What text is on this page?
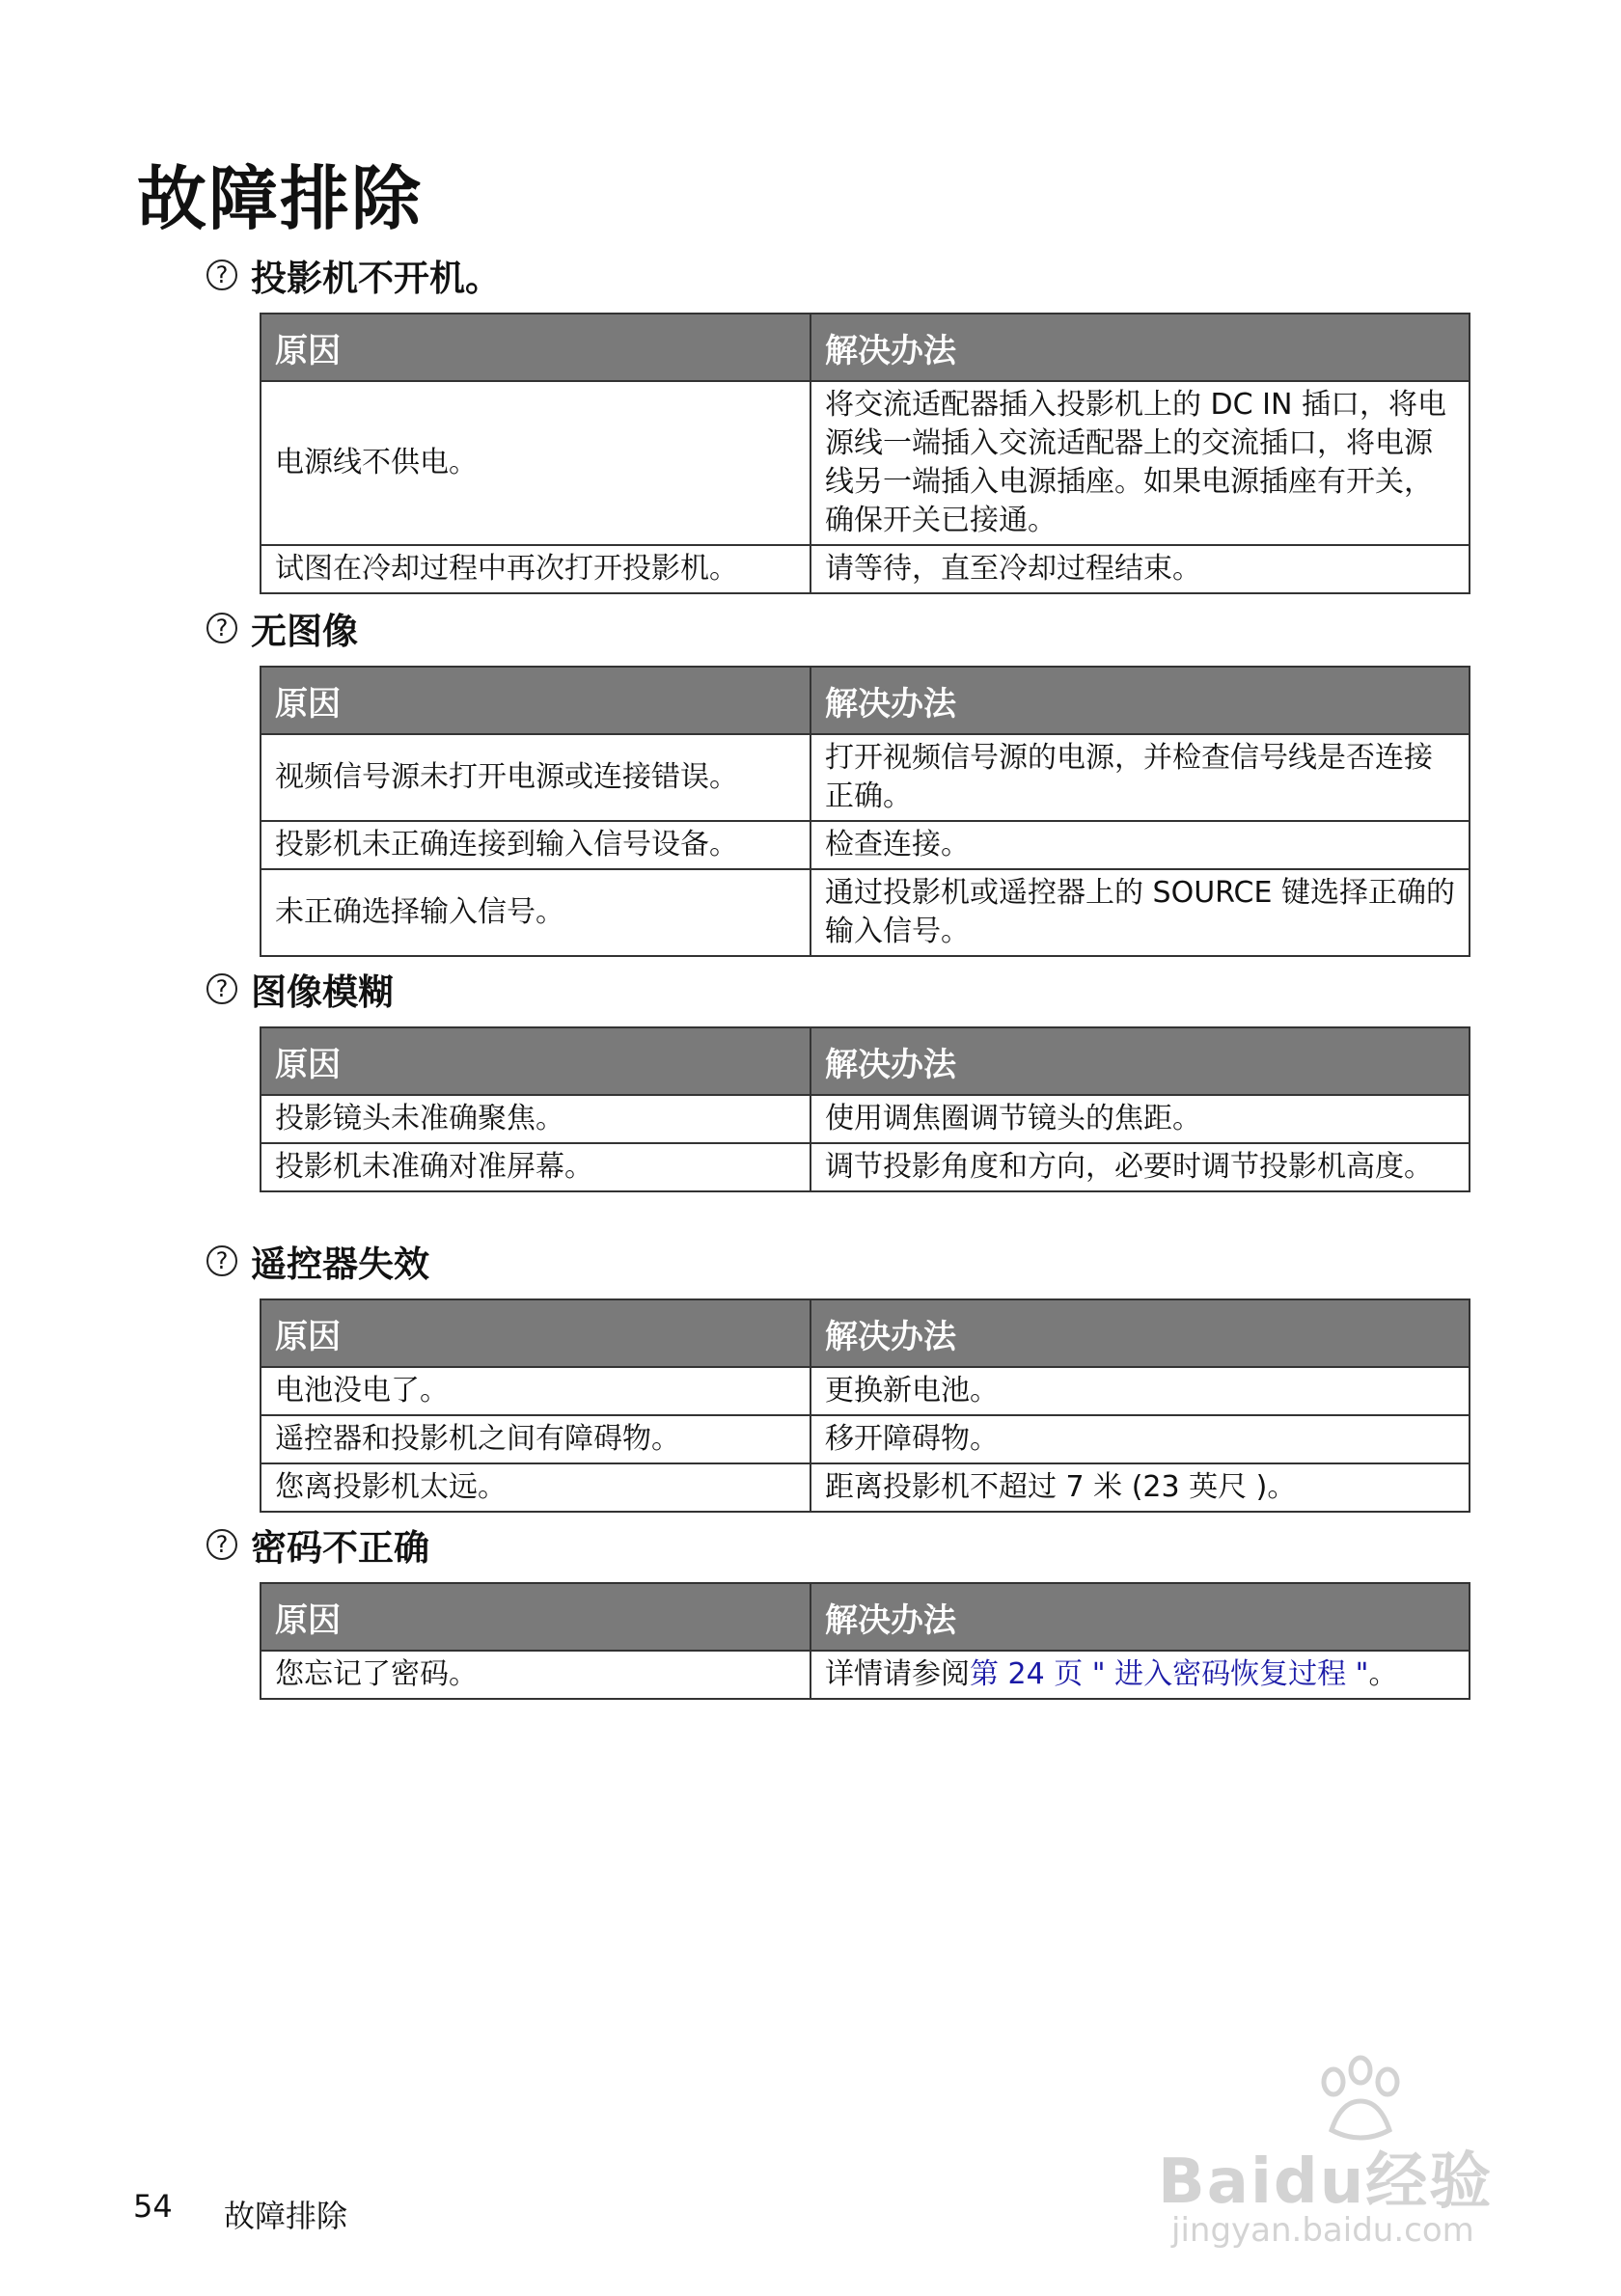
故障排除
? 投影机不开机。
原因	解决办法
电源线不供电。	将交流适配器插入投影机上的 DC IN 插口，将电源线一端插入交流适配器上的交流插口，将电源线另一端插入电源插座。如果电源插座有开关，确保开关已接通。
试图在冷却过程中再次打开投影机。	请等待，直至冷却过程结束。
? 无图像
原因	解决办法
视频信号源未打开电源或连接错误。	打开视频信号源的电源，并检查信号线是否连接正确。
投影机未正确连接到输入信号设备。	检查连接。
未正确选择输入信号。	通过投影机或遥控器上的 SOURCE 键选择正确的输入信号。
? 图像模糊
原因	解决办法
投影镜头未准确聚焦。	使用调焦圈调节镜头的焦距。
投影机未准确对准屏幕。	调节投影角度和方向，必要时调节投影机高度。
? 遥控器失效
原因	解决办法
电池没电了。	更换新电池。
遥控器和投影机之间有障碍物。	移开障碍物。
您离投影机太远。	距离投影机不超过 7 米 (23 英尺 )。
? 密码不正确
原因	解决办法
您忘记了密码。	详情请参阅第 24 页 " 进入密码恢复过程 "。
54 故障排除	Baidu经验
jingyan.baidu.com
